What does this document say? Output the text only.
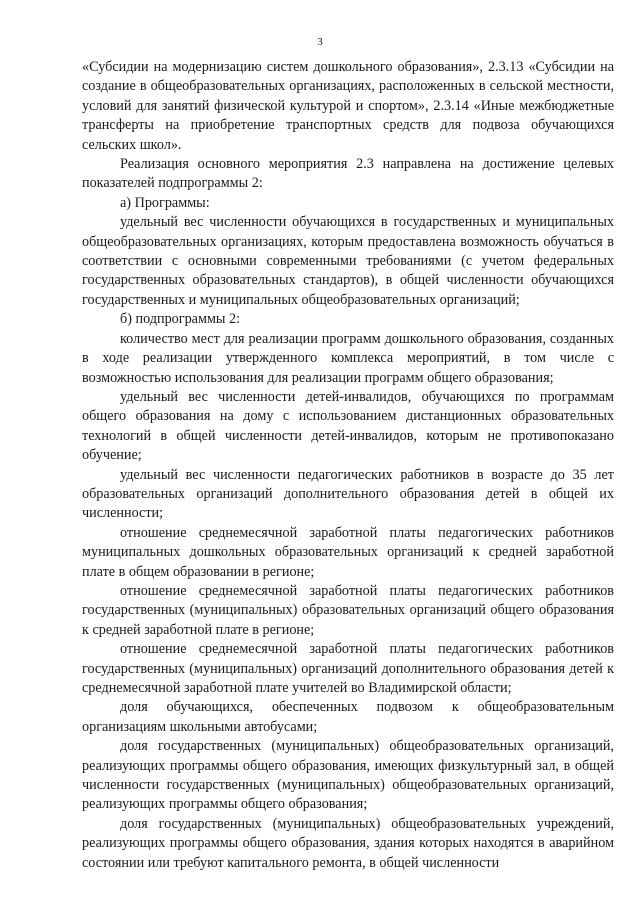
3

«Субсидии на модернизацию систем дошкольного образования», 2.3.13 «Субсидии на создание в общеобразовательных организациях, расположенных в сельской местности, условий для занятий физической культурой и спортом», 2.3.14 «Иные межбюджетные трансферты на приобретение транспортных средств для подвоза обучающихся сельских школ».

Реализация основного мероприятия 2.3 направлена на достижение целевых показателей подпрограммы 2:

а) Программы:

удельный вес численности обучающихся в государственных и муниципальных общеобразовательных организациях, которым предоставлена возможность обучаться в соответствии с основными современными требованиями (с учетом федеральных государственных образовательных стандартов), в общей численности обучающихся государственных и муниципальных общеобразовательных организаций;

б) подпрограммы 2:

количество мест для реализации программ дошкольного образования, созданных в ходе реализации утвержденного комплекса мероприятий, в том числе с возможностью использования для реализации программ общего образования;

удельный вес численности детей-инвалидов, обучающихся по программам общего образования на дому с использованием дистанционных образовательных технологий в общей численности детей-инвалидов, которым не противопоказано обучение;

удельный вес численности педагогических работников в возрасте до 35 лет образовательных организаций дополнительного образования детей в общей их численности;

отношение среднемесячной заработной платы педагогических работников муниципальных дошкольных образовательных организаций к средней заработной плате в общем образовании в регионе;

отношение среднемесячной заработной платы педагогических работников государственных (муниципальных) образовательных организаций общего образования к средней заработной плате в регионе;

отношение среднемесячной заработной платы педагогических работников государственных (муниципальных) организаций дополнительного образования детей к среднемесячной заработной плате учителей во Владимирской области;

доля обучающихся, обеспеченных подвозом к общеобразовательным организациям школьными автобусами;

доля государственных (муниципальных) общеобразовательных организаций, реализующих программы общего образования, имеющих физкультурный зал, в общей численности государственных (муниципальных) общеобразовательных организаций, реализующих программы общего образования;

доля государственных (муниципальных) общеобразовательных учреждений, реализующих программы общего образования, здания которых находятся в аварийном состоянии или требуют капитального ремонта, в общей численности
